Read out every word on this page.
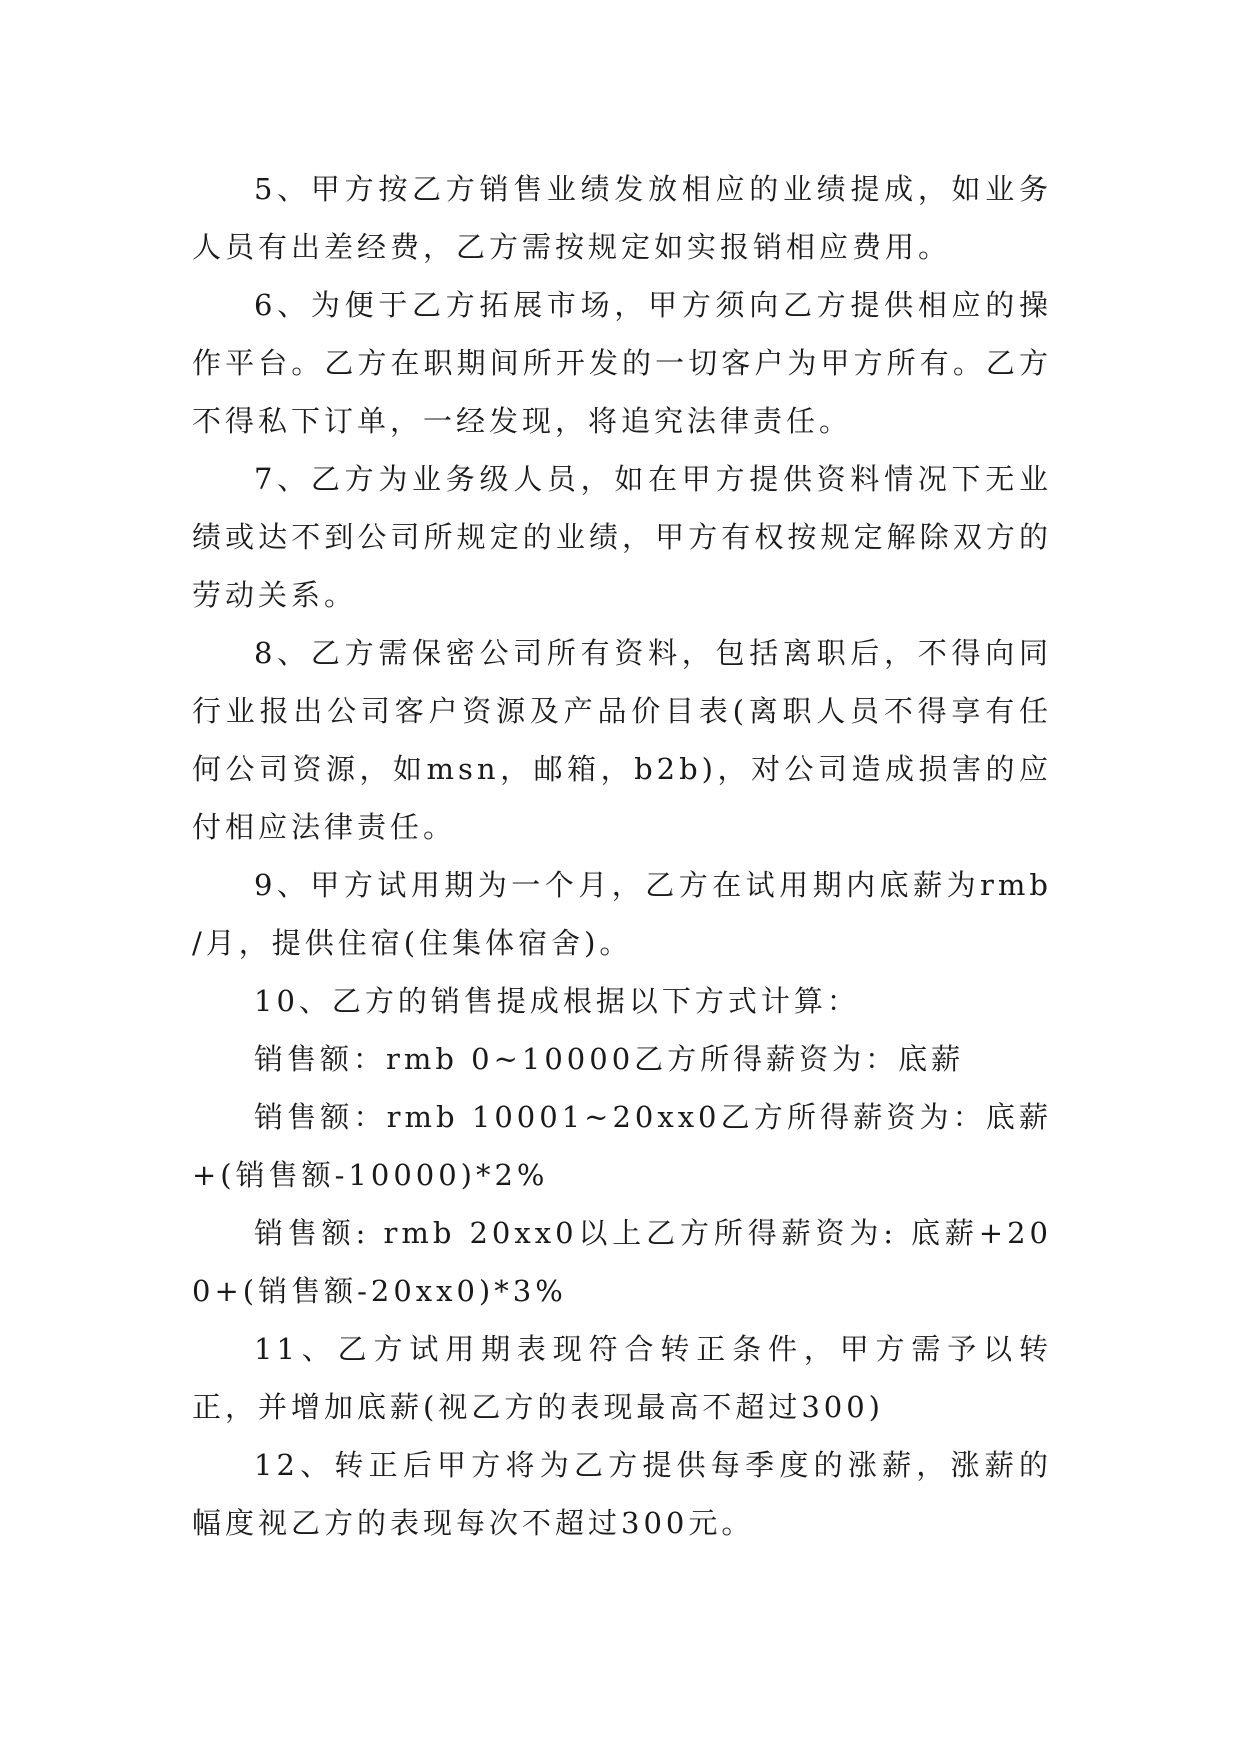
5、甲方按乙方销售业绩发放相应的业绩提成，如业务人员有出差经费，乙方需按规定如实报销相应费用。

6、为便于乙方拓展市场，甲方须向乙方提供相应的操作平台。乙方在职期间所开发的一切客户为甲方所有。乙方不得私下订单，一经发现，将追究法律责任。

7、乙方为业务级人员，如在甲方提供资料情况下无业绩或达不到公司所规定的业绩，甲方有权按规定解除双方的劳动关系。

8、乙方需保密公司所有资料，包括离职后，不得向同行业报出公司客户资源及产品价目表(离职人员不得享有任何公司资源，如msn，邮箱，b2b)，对公司造成损害的应付相应法律责任。

9、甲方试用期为一个月，乙方在试用期内底薪为rmb /月，提供住宿(住集体宿舍)。

10、乙方的销售提成根据以下方式计算：

销售额：rmb 0~10000乙方所得薪资为：底薪

销售额：rmb 10001~20xx0乙方所得薪资为：底薪+(销售额-10000)*2%

销售额: rmb 20xx0以上乙方所得薪资为: 底薪+200+(销售额-20xx0)*3%

11、乙方试用期表现符合转正条件，甲方需予以转正，并增加底薪(视乙方的表现最高不超过300)

12、转正后甲方将为乙方提供每季度的涨薪，涨薪的幅度视乙方的表现每次不超过300元。
